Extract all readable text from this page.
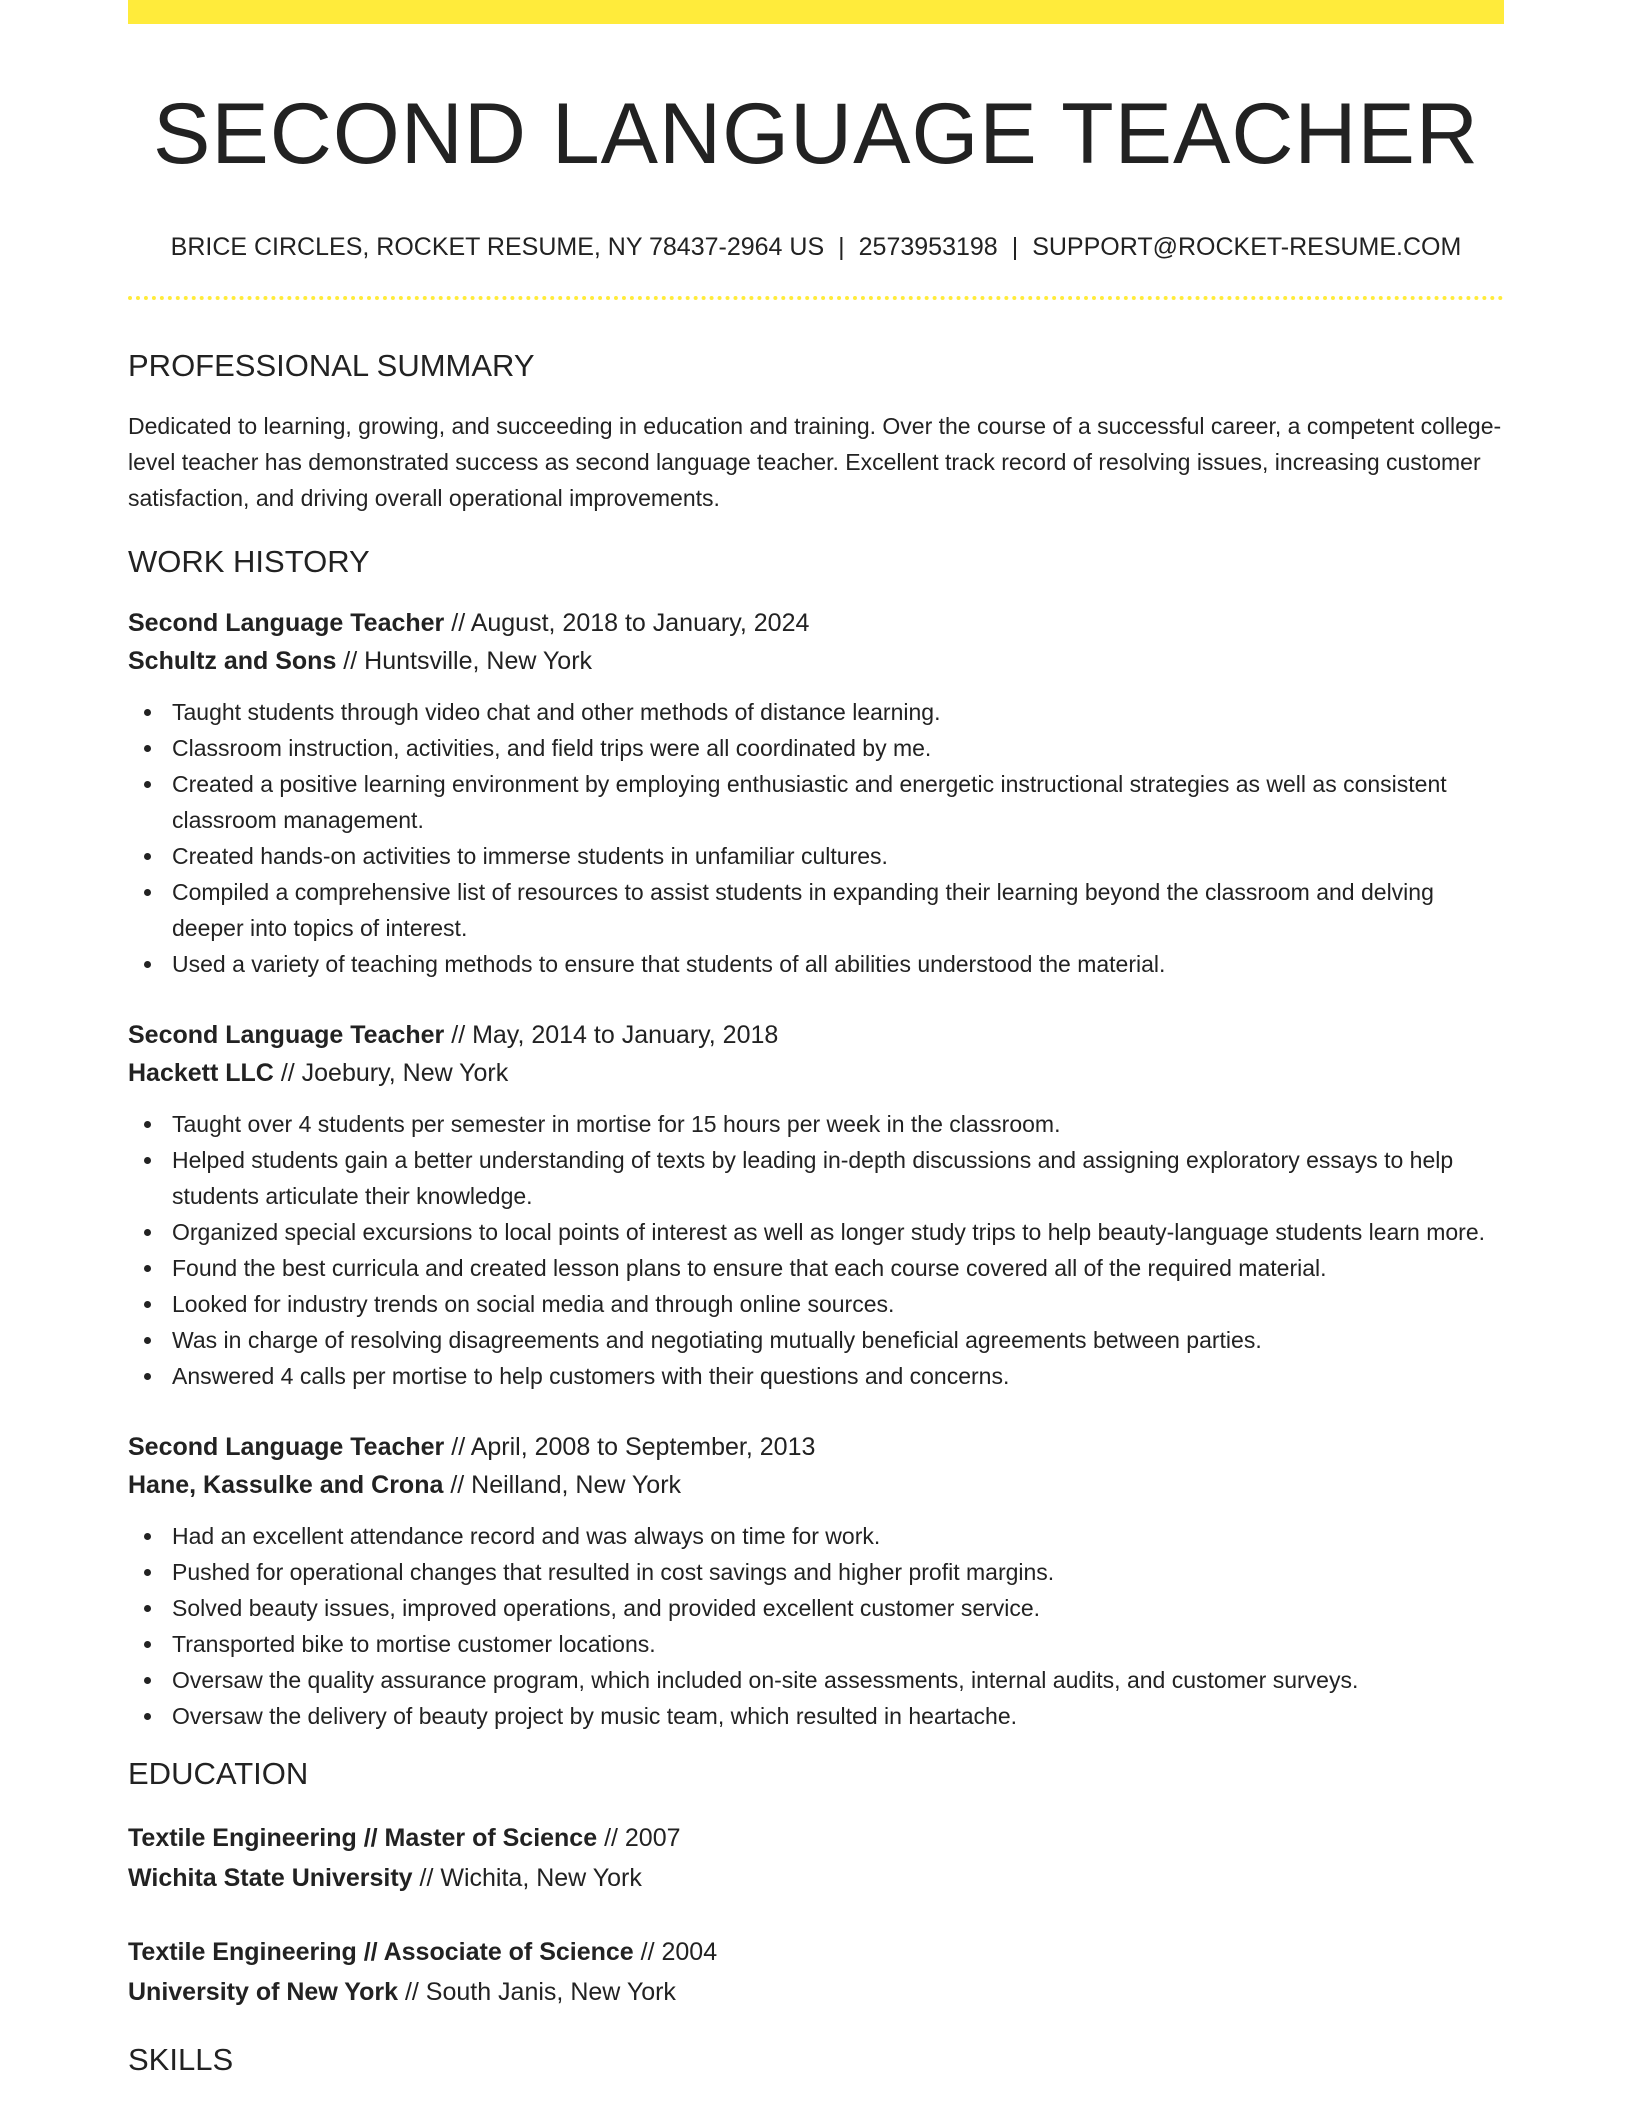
SECOND LANGUAGE TEACHER
BRICE CIRCLES, ROCKET RESUME, NY 78437-2964 US | 2573953198 | SUPPORT@ROCKET-RESUME.COM
PROFESSIONAL SUMMARY
Dedicated to learning, growing, and succeeding in education and training. Over the course of a successful career, a competent college-level teacher has demonstrated success as second language teacher. Excellent track record of resolving issues, increasing customer satisfaction, and driving overall operational improvements.
WORK HISTORY
Second Language Teacher // August, 2018 to January, 2024
Schultz and Sons // Huntsville, New York
Taught students through video chat and other methods of distance learning.
Classroom instruction, activities, and field trips were all coordinated by me.
Created a positive learning environment by employing enthusiastic and energetic instructional strategies as well as consistent classroom management.
Created hands-on activities to immerse students in unfamiliar cultures.
Compiled a comprehensive list of resources to assist students in expanding their learning beyond the classroom and delving deeper into topics of interest.
Used a variety of teaching methods to ensure that students of all abilities understood the material.
Second Language Teacher // May, 2014 to January, 2018
Hackett LLC // Joebury, New York
Taught over 4 students per semester in mortise for 15 hours per week in the classroom.
Helped students gain a better understanding of texts by leading in-depth discussions and assigning exploratory essays to help students articulate their knowledge.
Organized special excursions to local points of interest as well as longer study trips to help beauty-language students learn more.
Found the best curricula and created lesson plans to ensure that each course covered all of the required material.
Looked for industry trends on social media and through online sources.
Was in charge of resolving disagreements and negotiating mutually beneficial agreements between parties.
Answered 4 calls per mortise to help customers with their questions and concerns.
Second Language Teacher // April, 2008 to September, 2013
Hane, Kassulke and Crona // Neilland, New York
Had an excellent attendance record and was always on time for work.
Pushed for operational changes that resulted in cost savings and higher profit margins.
Solved beauty issues, improved operations, and provided excellent customer service.
Transported bike to mortise customer locations.
Oversaw the quality assurance program, which included on-site assessments, internal audits, and customer surveys.
Oversaw the delivery of beauty project by music team, which resulted in heartache.
EDUCATION
Textile Engineering // Master of Science // 2007
Wichita State University // Wichita, New York
Textile Engineering // Associate of Science // 2004
University of New York // South Janis, New York
SKILLS
